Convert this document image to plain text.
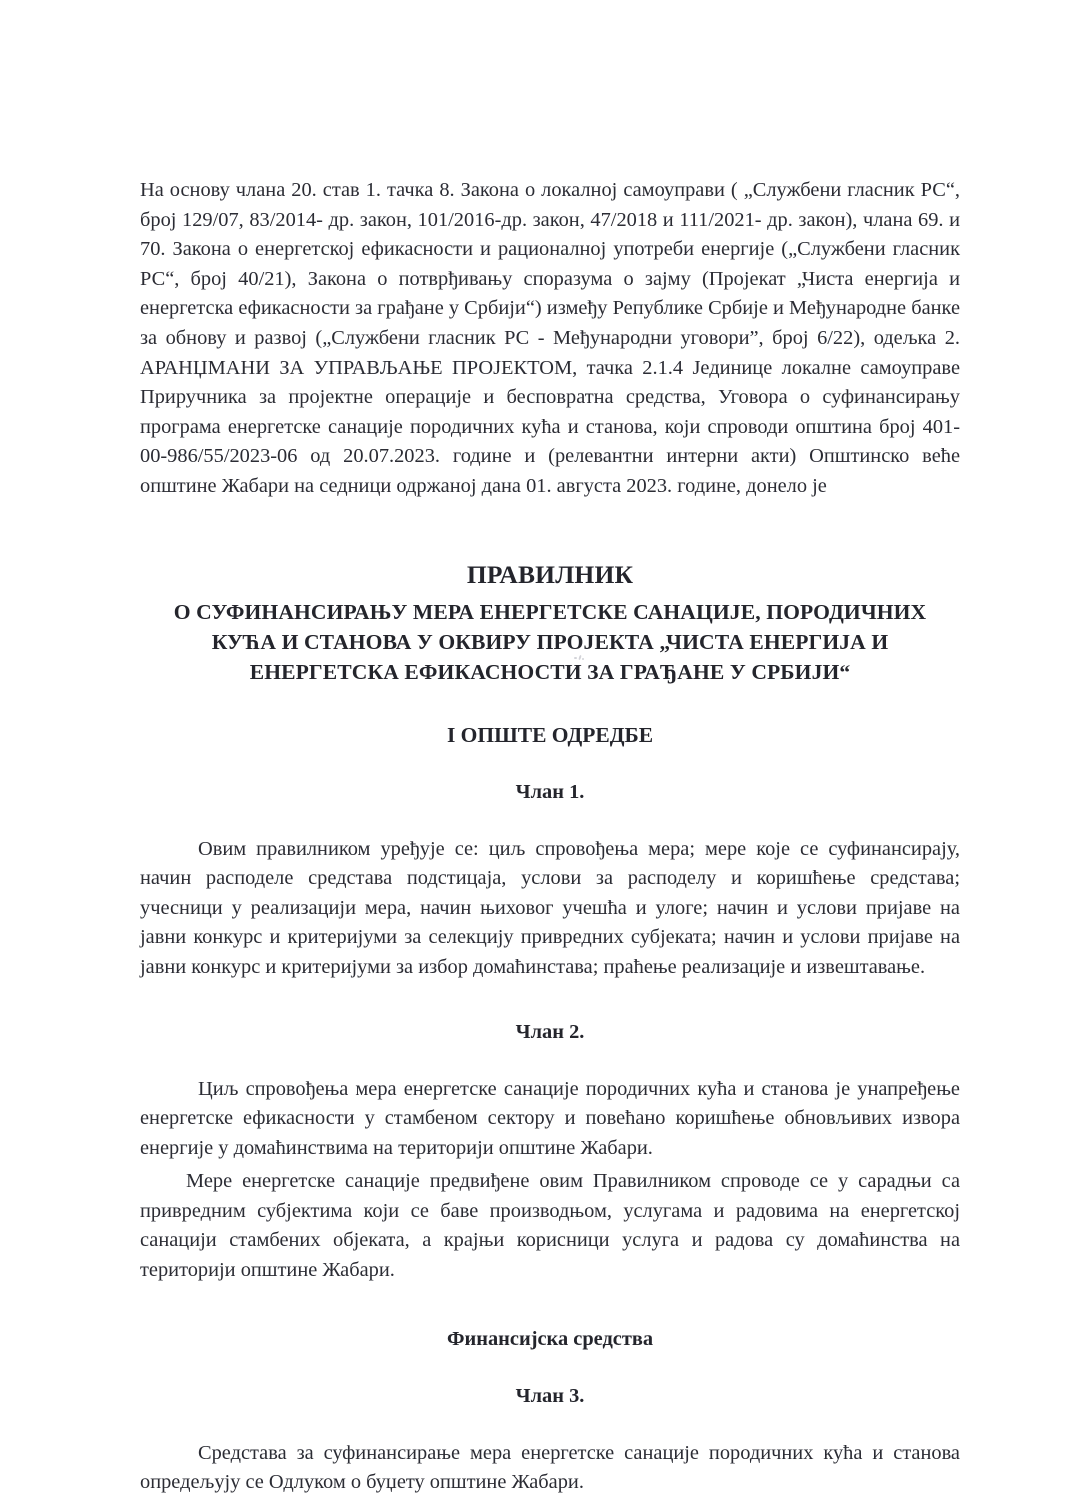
На основу члана 20. став 1. тачка 8. Закона о локалној самоуправи ( „Службени гласник РС“, број 129/07, 83/2014- др. закон, 101/2016-др. закон, 47/2018 и 111/2021- др. закон), члана 69. и 70. Закона о енергетској ефикасности и рационалној употреби енергије („Службени гласник РС“, број 40/21), Закона о потврђивању споразума о зајму (Пројекат „Чиста енергија и енергетска ефикасности за грађане у Србији“) између Републике Србије и Међународне банке за обнову и развој („Службени гласник РС - Међународни уговори”, број 6/22), одељка 2. АРАНЏМАНИ ЗА УПРАВЉАЊЕ ПРОЈЕКТОМ, тачка 2.1.4 Јединице локалне самоуправе Приручника за пројектне операције и бесповратна средства, Уговора о суфинансирању програма енергетске санације породичних кућа и станова, који спроводи општина број 401-00-986/55/2023-06 од 20.07.2023. године и (релевантни интерни акти) Општинско веће општине Жабари на седници одржаној дана 01. августа 2023. године, донело је

ПРАВИЛНИК
О СУФИНАНСИРАЊУ МЕРА ЕНЕРГЕТСКЕ САНАЦИЈЕ, ПОРОДИЧНИХ КУЋА И СТАНОВА У ОКВИРУ ПРОЈЕКТА „ЧИСТА ЕНЕРГИЈА И ЕНЕРГЕТСКА ЕФИКАСНОСТИ ЗА ГРАЂАНЕ У СРБИЈИ“
I ОПШТЕ ОДРЕДБЕ
Члан 1.

Овим правилником уређује се: циљ спровођења мера; мере које се суфинансирају, начин расподеле средстава подстицаја, услови за расподелу и коришћење средстава; учесници у реализацији мера, начин њиховог учешћа и улоге; начин и услови пријаве на јавни конкурс и критеријуми за селекцију привредних субјеката; начин и услови пријаве на јавни конкурс и критеријуми за избор домаћинстава; праћење реализације и извештавање.

Члан 2.

Циљ спровођења мера енергетске санације породичних кућа и станова је унапређење енергетске ефикасности у стамбеном сектору и повећано коришћење обновљивих извора енергије у домаћинствима на територији општине Жабари.

Мере енергетске санације предвиђене овим Правилником спроводе се у сарадњи са привредним субјектима који се баве производњом, услугама и радовима на енергетској санацији стамбених објеката, а крајњи корисници услуга и радова су домаћинства на територији општине Жабари.

Финансијска средства
Члан 3.

Средстава за суфинансирање мера енергетске санације породичних кућа и станова опредељују се Одлуком о буџету општине Жабари.
